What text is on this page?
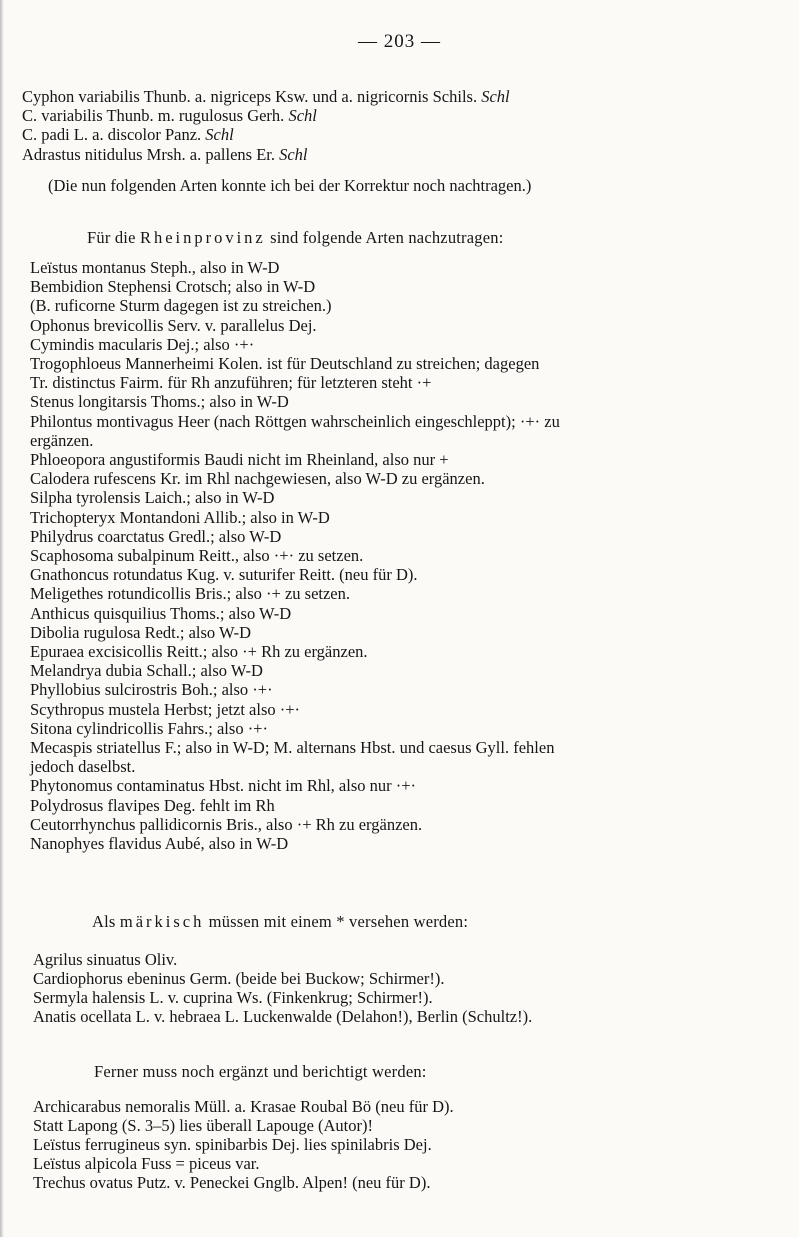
— 203 —
Cyphon variabilis Thunb. a. nigriceps Ksw. und a. nigricornis Schils. Schl
C. variabilis Thunb. m. rugulosus Gerh. Schl
C. padi L. a. discolor Panz. Schl
Adrastus nitidulus Mrsh. a. pallens Er. Schl
(Die nun folgenden Arten konnte ich bei der Korrektur noch nachtragen.)
Für die Rheinprovinz sind folgende Arten nachzutragen:
Leïstus montanus Steph., also in W-D
Bembidion Stephensi Crotsch; also in W-D
(B. ruficorne Sturm dagegen ist zu streichen.)
Ophonus brevicollis Serv. v. parallelus Dej.
Cymindis macularis Dej.; also ·+·
Trogophloeus Mannerheimi Kolen. ist für Deutschland zu streichen; dagegen
Tr. distinctus Fairm. für Rh anzuführen; für letzteren steht ·+
Stenus longitarsis Thoms.; also in W-D
Philontus montivagus Heer (nach Röttgen wahrscheinlich eingeschleppt); ·+· zu
ergänzen.
Phloeopora angustiformis Baudi nicht im Rheinland, also nur +
Calodera rufescens Kr. im Rhl nachgewiesen, also W-D zu ergänzen.
Silpha tyrolensis Laich.; also in W-D
Trichopteryx Montandoni Allib.; also in W-D
Philydrus coarctatus Gredl.; also W-D
Scaphosoma subalpinum Reitt., also ·+· zu setzen.
Gnathoncus rotundatus Kug. v. suturifer Reitt. (neu für D).
Meligethes rotundicollis Bris.; also ·+ zu setzen.
Anthicus quisquilius Thoms.; also W-D
Dibolia rugulosa Redt.; also W-D
Epuraea excisicollis Reitt.; also ·+ Rh zu ergänzen.
Melandrya dubia Schall.; also W-D
Phyllobius sulcirostris Boh.; also ·+·
Scythropus mustela Herbst; jetzt also ·+·
Sitona cylindricollis Fahrs.; also ·+·
Mecaspis striatellus F.; also in W-D; M. alternans Hbst. und caesus Gyll. fehlen
jedoch daselbst.
Phytonomus contaminatus Hbst. nicht im Rhl, also nur ·+·
Polydrosus flavipes Deg. fehlt im Rh
Ceutorrhynchus pallidicornis Bris., also ·+ Rh zu ergänzen.
Nanophyes flavidus Aubé, also in W-D
Als märkisch müssen mit einem * versehen werden:
Agrilus sinuatus Oliv.
Cardiophorus ebeninus Germ. (beide bei Buckow; Schirmer!).
Sermyla halensis L. v. cuprina Ws. (Finkenkrug; Schirmer!).
Anatis ocellata L. v. hebraea L. Luckenwalde (Delahon!), Berlin (Schultz!).
Ferner muss noch ergänzt und berichtigt werden:
Archicarabus nemoralis Müll. a. Krasae Roubal Bö (neu für D).
Statt Lapong (S. 3–5) lies überall Lapouge (Autor)!
Leïstus ferrugineus syn. spinibarbis Dej. lies spinilabris Dej.
Leïstus alpicola Fuss = piceus var.
Trechus ovatus Putz. v. Peneckei Gnglb. Alpen! (neu für D).
